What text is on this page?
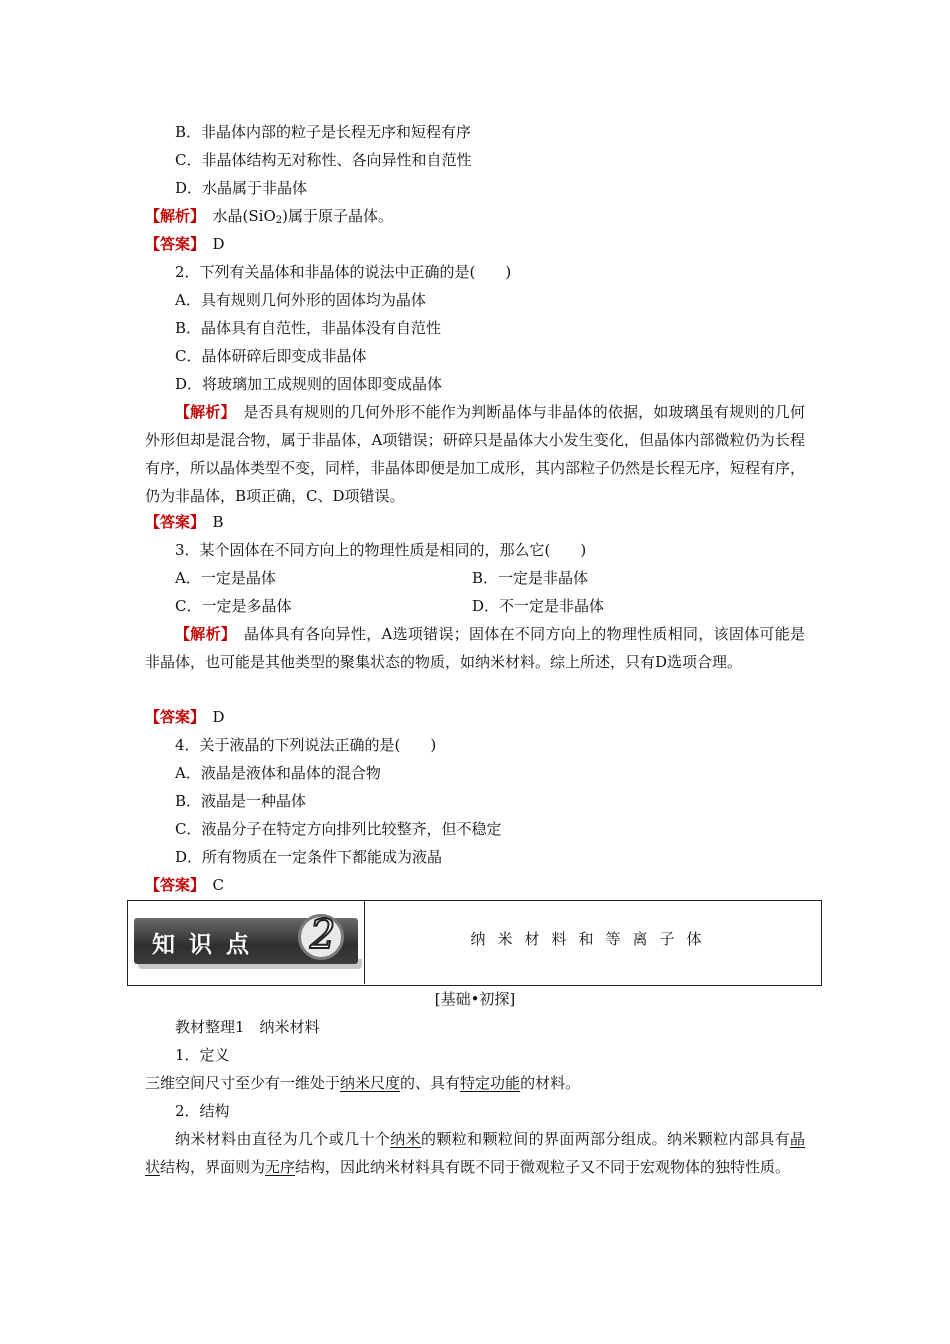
B．非晶体内部的粒子是长程无序和短程有序
C．非晶体结构无对称性、各向异性和自范性
D．水晶属于非晶体
【解析】　 水晶(SiO$_2$)属于原子晶体。
【答案】　 D
2．下列有关晶体和非晶体的说法中正确的是(　　)
A．具有规则几何外形的固体均为晶体
B．晶体具有自范性，非晶体没有自范性
C．晶体研碎后即变成非晶体
D．将玻璃加工成规则的固体即变成晶体
【解析】　 是否具有规则的几何外形不能作为判断晶体与非晶体的依据，如玻璃虽有规则的几何外形但却是混合物，属于非晶体，A项错误；研碎只是晶体大小发生变化，但晶体内部微粒仍为长程有序，所以晶体类型不变，同样，非晶体即便是加工成形，其内部粒子仍然是长程无序，短程有序，仍为非晶体，B项正确，C、D项错误。
【答案】　 B
3．某个固体在不同方向上的物理性质是相同的，那么它(　　)
A．一定是晶体	B．一定是非晶体
C．一定是多晶体	D．不一定是非晶体
【解析】　 晶体具有各向异性，A选项错误；固体在不同方向上的物理性质相同，该固体可能是非晶体，也可能是其他类型的聚集状态的物质，如纳米材料。综上所述，只有D选项合理。
【答案】　 D
4．关于液晶的下列说法正确的是(　　)
A．液晶是液体和晶体的混合物
B．液晶是一种晶体
C．液晶分子在特定方向排列比较整齐，但不稳定
D．所有物质在一定条件下都能成为液晶
【答案】　 C
知识点 2	纳米材料和等离子体
[基础•初探]
教材整理1　纳米材料
1．定义
三维空间尺寸至少有一维处于纳米尺度的、具有特定功能的材料。
2．结构
纳米材料由直径为几个或几十个纳米的颗粒和颗粒间的界面两部分组成。纳米颗粒内部具有晶状结构，界面则为无序结构，因此纳米材料具有既不同于微观粒子又不同于宏观物体的独特性质。
